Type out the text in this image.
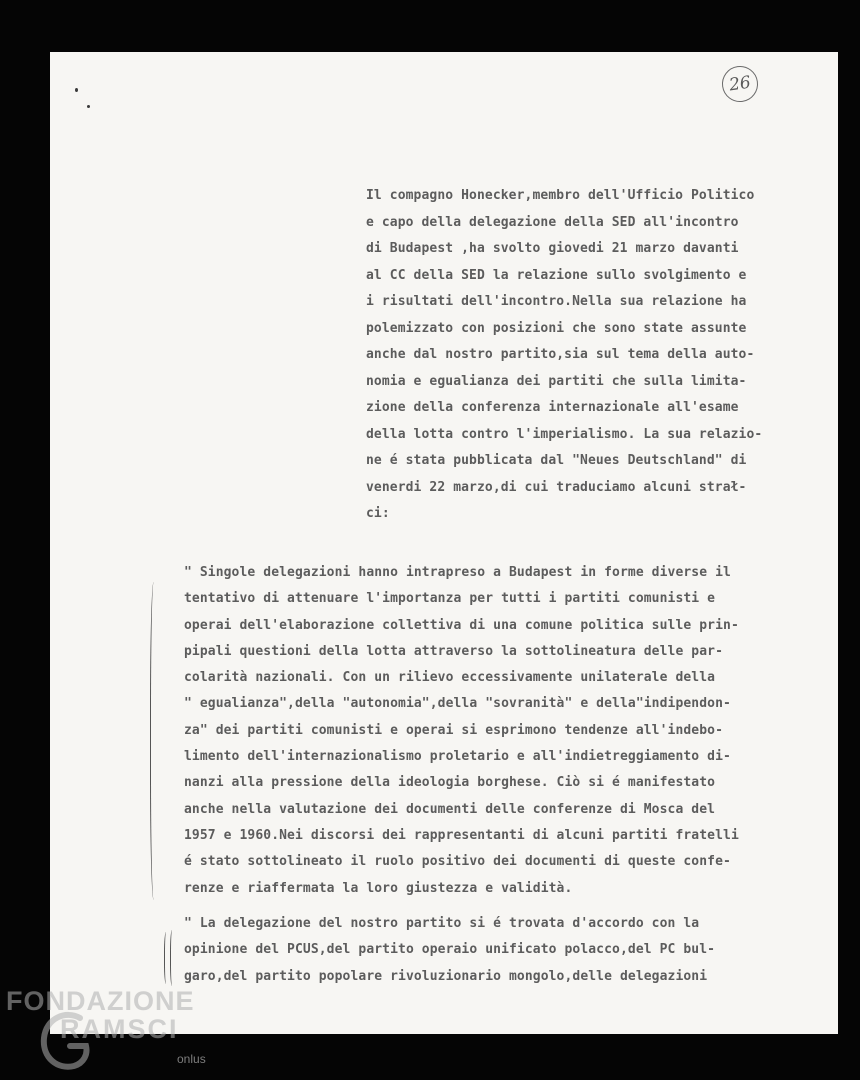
26
Il compagno Honecker,membro dell'Ufficio Politico
e capo della delegazione della SED all'incontro
di Budapest ,ha svolto giovedi 21 marzo davanti
al CC della SED la relazione sullo svolgimento e
i risultati dell'incontro.Nella sua relazione ha
polemizzato con posizioni che sono state assunte
anche dal nostro partito,sia sul tema della auto-
nomia e egualianza dei partiti che sulla limita-
zione della conferenza internazionale all'esame
della lotta contro l'imperialismo. La sua relazio-
ne é stata pubblicata dal "Neues Deutschland" di
venerdi 22 marzo,di cui traduciamo alcuni strał-
ci:
" Singole delegazioni hanno intrapreso a Budapest in forme diverse il
tentativo di attenuare l'importanza per tutti i partiti comunisti e
operai dell'elaborazione collettiva di una comune politica sulle prin-
pipali questioni della lotta attraverso la sottolineatura delle par-
colarità nazionali. Con un rilievo eccessivamente unilaterale della
" egualianza",della "autonomia",della "sovranità" e della"indipendon-
za" dei partiti comunisti e operai si esprimono tendenze all'indebo-
limento dell'internazionalismo proletario e all'indietreggiamento di-
nanzi alla pressione della ideologia borghese. Ciò si é manifestato
anche nella valutazione dei documenti delle conferenze di Mosca del
1957 e 1960.Nei discorsi dei rappresentanti di alcuni partiti fratelli
é stato sottolineato il ruolo positivo dei documenti di queste confe-
renze e riaffermata la loro giustezza e validità.
" La delegazione del nostro partito si é trovata d'accordo con la
opinione del PCUS,del partito operaio unificato polacco,del PC bul-
garo,del partito popolare rivoluzionario mongolo,delle delegazioni
FONDAZIONE
RAMSCI
onlus
